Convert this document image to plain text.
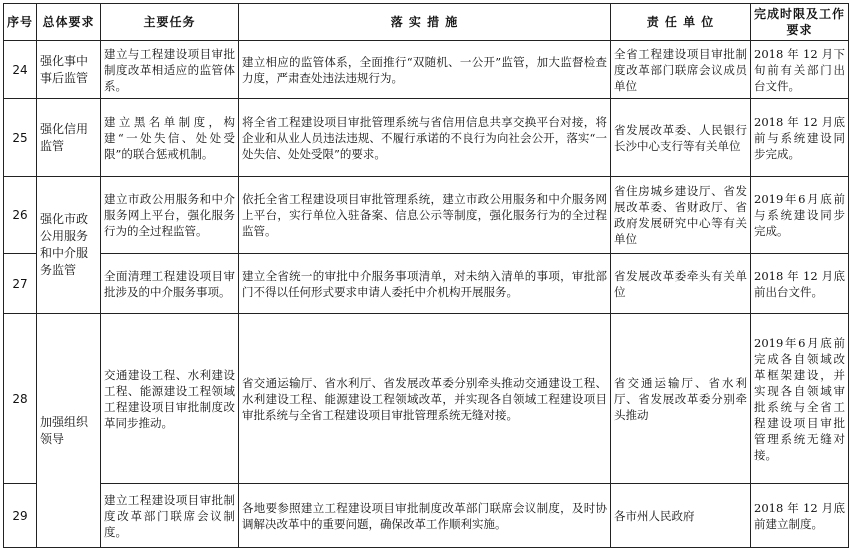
序号	总体要求	主要任务	落 实 措 施	责 任 单 位	完成时限及工作要求
24	强化事中事后监管	建立与工程建设项目审批制度改革相适应的监管体系。	建立相应的监管体系，全面推行“双随机、一公开”监管，加大监督检查力度，严肃查处违法违规行为。	全省工程建设项目审批制度改革部门联席会议成员单位	2018 年 12 月下旬前有关部门出台文件。
25	强化信用监管	建立黑名单制度，构建“一处失信、处处受限”的联合惩戒机制。	将全省工程建设项目审批管理系统与省信用信息共享交换平台对接，将企业和从业人员违法违规、不履行承诺的不良行为向社会公开，落实“一处失信、处处受限”的要求。	省发展改革委、人民银行长沙中心支行等有关单位	2018 年 12 月底前与系统建设同步完成。
26	强化市政公用服务和中介服务监管	建立市政公用服务和中介服务网上平台，强化服务行为的全过程监管。	依托全省工程建设项目审批管理系统，建立市政公用服务和中介服务网上平台，实行单位入驻备案、信息公示等制度，强化服务行为的全过程监管。	省住房城乡建设厅、省发展改革委、省财政厅、省政府发展研究中心等有关单位	2019年6月底前与系统建设同步完成。
27		全面清理工程建设项目审批涉及的中介服务事项。	建立全省统一的审批中介服务事项清单，对未纳入清单的事项，审批部门不得以任何形式要求申请人委托中介机构开展服务。	省发展改革委牵头有关单位	2018 年 12 月底前出台文件。
28	加强组织领导	交通建设工程、水利建设工程、能源建设工程领域工程建设项目审批制度改革同步推动。	省交通运输厅、省水利厅、省发展改革委分别牵头推动交通建设工程、水利建设工程、能源建设工程领域改革，并实现各自领域工程建设项目审批系统与全省工程建设项目审批管理系统无缝对接。	省交通运输厅、省水利厅、省发展改革委分别牵头推动	2019年6月底前完成各自领域改革框架建设，并实现各自领域审批系统与全省工程建设项目审批管理系统无缝对接。
29		建立工程建设项目审批制度改革部门联席会议制度。	各地要参照建立工程建设项目审批制度改革部门联席会议制度，及时协调解决改革中的重要问题，确保改革工作顺利实施。	各市州人民政府	2018 年 12 月底前建立制度。
